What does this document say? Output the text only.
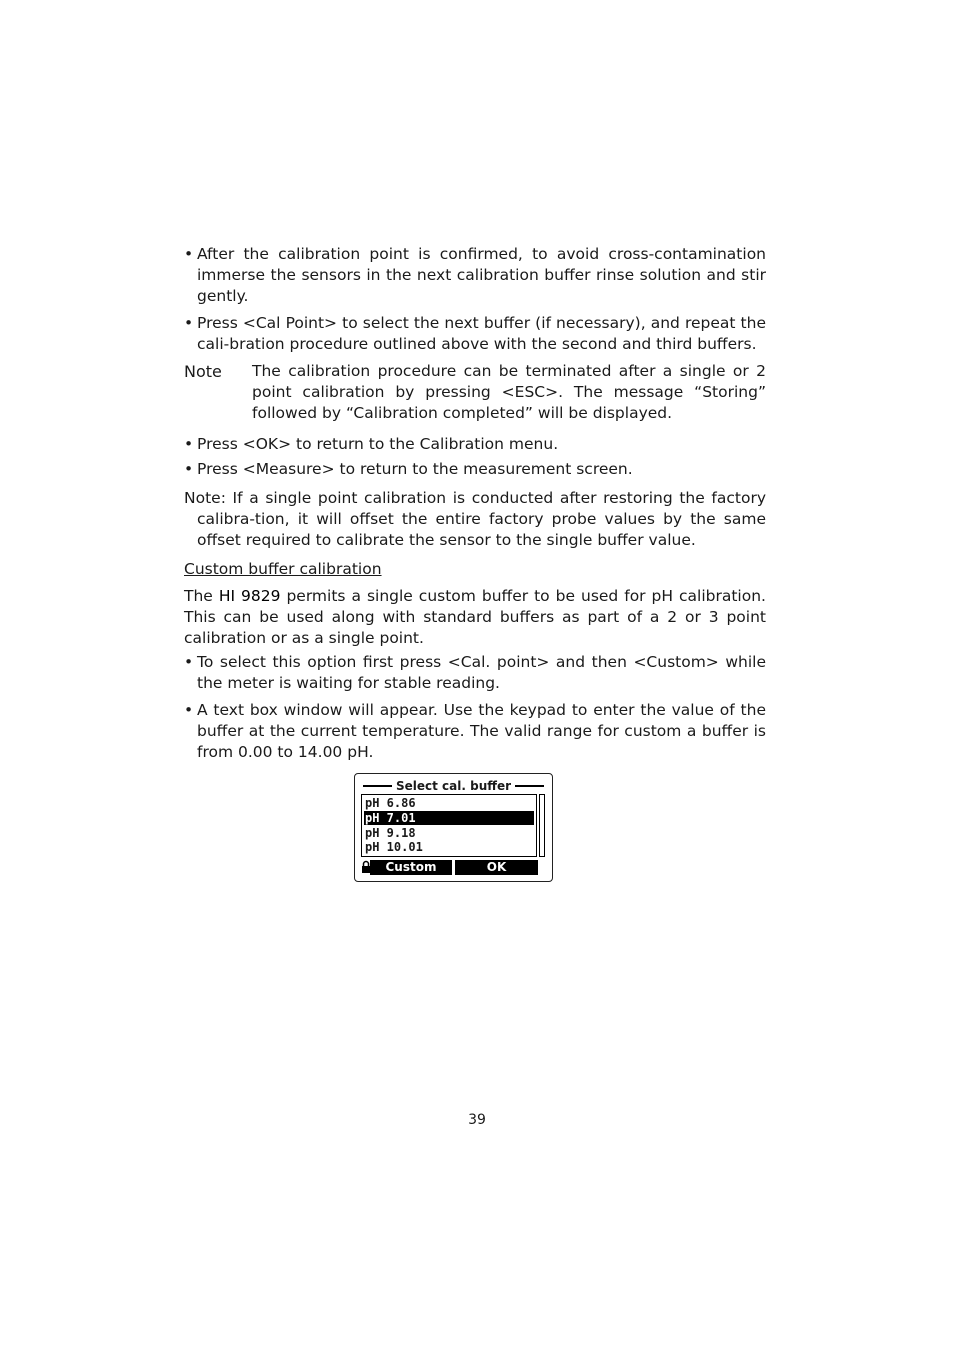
• After the calibration point is confirmed, to avoid cross-contamination immerse the sensors in the next calibration buffer rinse solution and stir gently.
• Press <Cal Point> to select the next buffer (if necessary), and repeat the cali-bration procedure outlined above with the second and third buffers.
Note	The calibration procedure can be terminated after a single or 2 point calibration by pressing <ESC>. The message “Storing” followed by “Calibration completed” will be displayed.
• Press <OK> to return to the Calibration menu.
• Press <Measure> to return to the measurement screen.
Note: If a single point calibration is conducted after restoring the factory calibra-tion, it will offset the entire factory probe values by the same offset required to calibrate the sensor to the single buffer value.
Custom buffer calibration
The HI 9829 permits a single custom buffer to be used for pH calibration. This can be used along with standard buffers as part of a 2 or 3 point calibration or as a single point.
• To select this option first press <Cal. point> and then <Custom> while the meter is waiting for stable reading.
• A text box window will appear. Use the keypad to enter the value of the buffer at the current temperature. The valid range for custom a buffer is from 0.00 to 14.00 pH.
Select cal. buffer
pH 6.86
pH 7.01
pH 9.18
pH 10.01
Custom	OK
39
